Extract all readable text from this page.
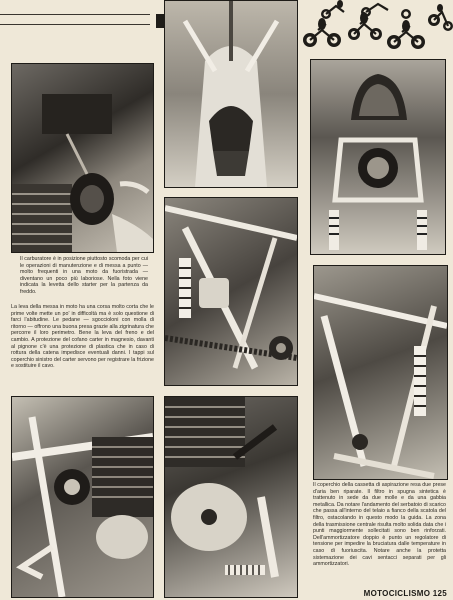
Il carburatore è in posizione piuttosto scomoda per cui le operazioni di manutenzione e di messa a punto — molto frequenti in una moto da fuoristrada — diventano un poco più laboriose. Nella foto viene indicata la levetta dello starter per la partenza da freddo.

La leva della messa in moto ha una corsa molto corta che le prime volte mette un po' in difficoltà ma è solo questione di farci l'abitudine. Le pedane — sgoccioloni con molla di ritorno — offrono una buona presa grazie alla zigrinatura che percorre il loro perimetro. Bene la leva del freno e del cambio. A protezione del cofano carter in magnesio, davanti al pignone c'è una protezione di plastica che in caso di rottura della catena impedisce eventuali danni. I tappi sul coperchio sinistro del carter servono per registrare la frizione e sostituire il cavo.

Il coperchio della cassetta di aspirazione resa due prese d'aria ben riparate. Il filtro in spugna sintetica è trattenuto in sede da due molle e da una gabbia metallica. Da notare l'andamento del serbatoio di scarico che passa all'interno del telaio a fianco della scatola del filtro, ostacolando in questo modo la guida. La zona della trasmissione centrale risulta molto solida data che i punti maggiormente sollecitati sono ben rinforzati. Dell'ammortizzatore doppio è punto un regolatore di tensione per impedire la bruciatura dalle temperature in caso di fuoriuscita. Notare anche la protetta sistemazione dei cavi sentacci separati per gli ammortizzatori.

MOTOCICLISMO 125
